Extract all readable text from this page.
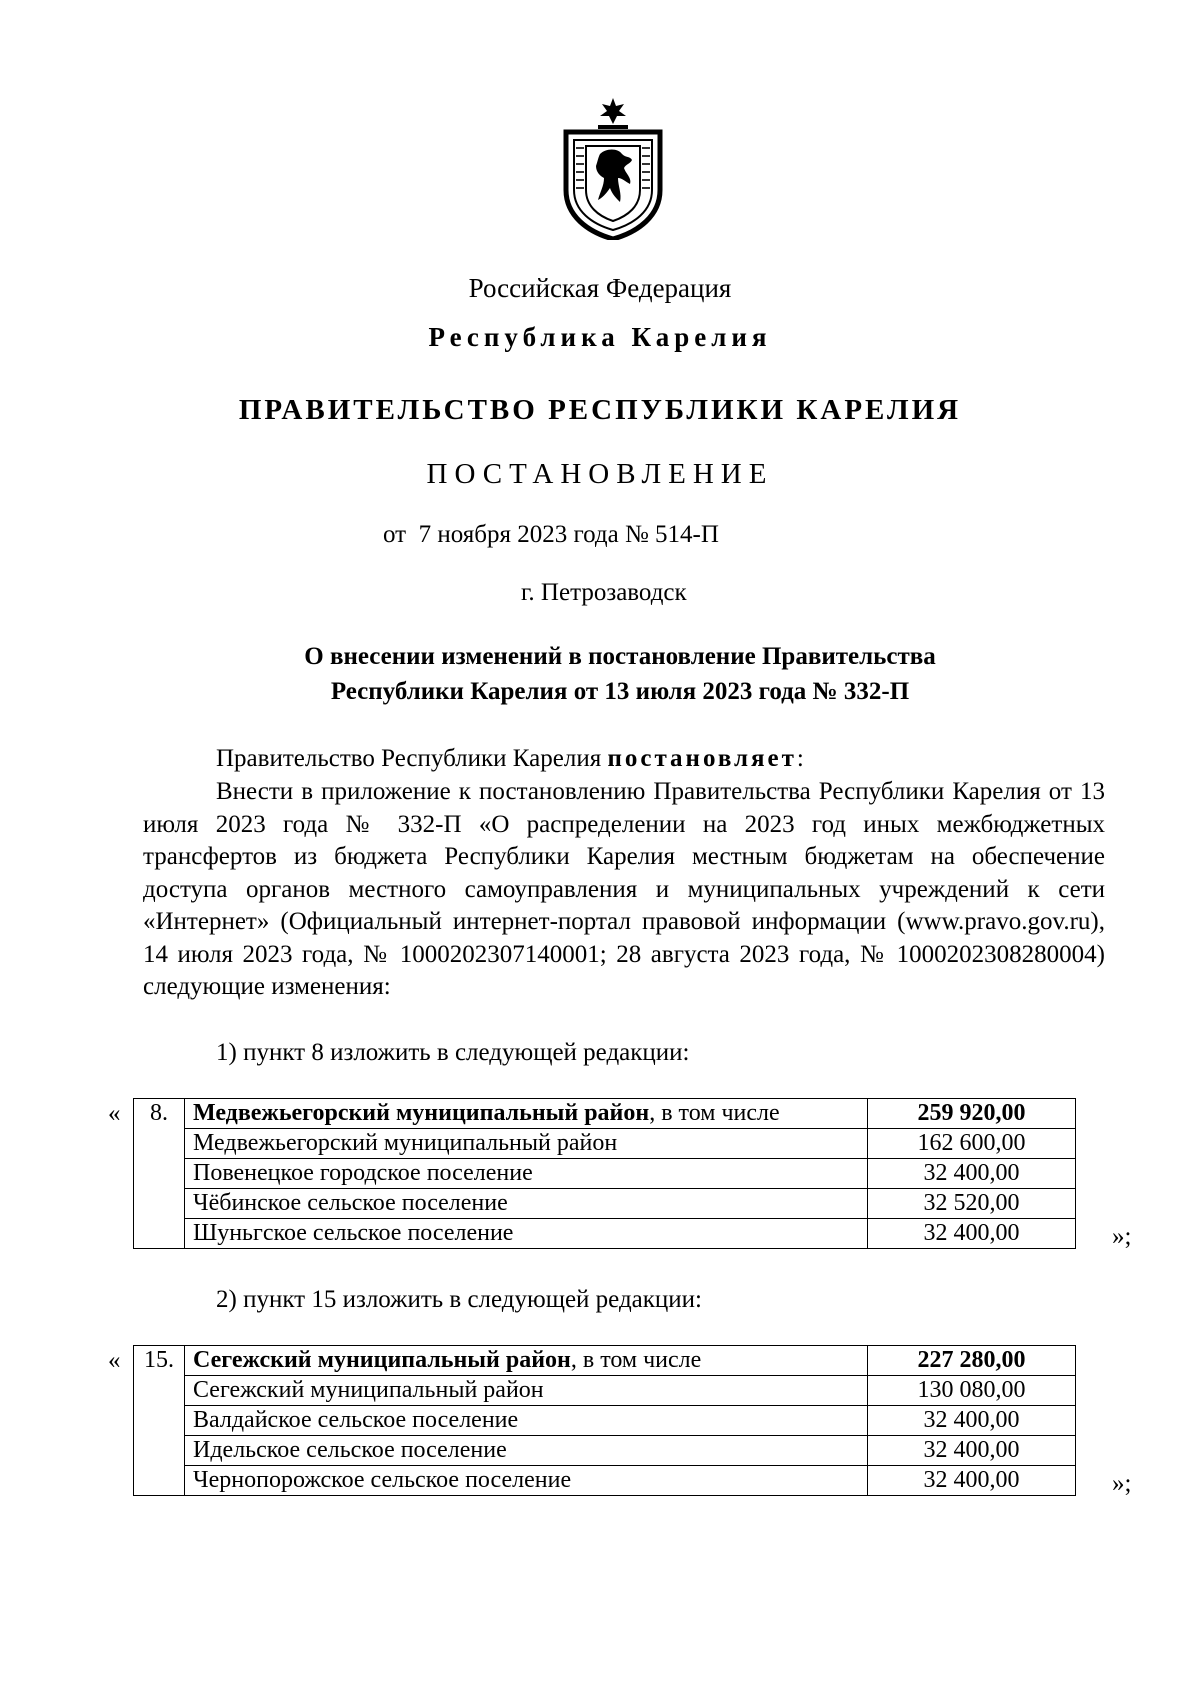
Российская Федерация
Республика Карелия
ПРАВИТЕЛЬСТВО РЕСПУБЛИКИ КАРЕЛИЯ
ПОСТАНОВЛЕНИЕ
от  7 ноября 2023 года № 514-П
г. Петрозаводск
О внесении изменений в постановление Правительства
Республики Карелия от 13 июля 2023 года № 332-П
Правительство Республики Карелия постановляет:
Внести в приложение к постановлению Правительства Республики Карелия от 13 июля 2023 года № 332-П «О распределении на 2023 год иных межбюджетных трансфертов из бюджета Республики Карелия местным бюджетам на обеспечение доступа органов местного самоуправления и муниципальных учреждений к сети «Интернет» (Официальный интернет-портал правовой информации (www.pravo.gov.ru), 14 июля 2023 года, № 1000202307140001; 28 августа 2023 года, № 1000202308280004) следующие изменения:
1) пункт 8 изложить в следующей редакции:
« 8.	Медвежьегорский муниципальный район, в том числе	259 920,00
	Медвежьегорский муниципальный район	162 600,00
	Повенецкое городское поселение	32 400,00
	Чёбинское сельское поселение	32 520,00
	Шуньгское сельское поселение	32 400,00	»;
2) пункт 15 изложить в следующей редакции:
« 15.	Сегежский муниципальный район, в том числе	227 280,00
	Сегежский муниципальный район	130 080,00
	Валдайское сельское поселение	32 400,00
	Идельское сельское поселение	32 400,00
	Чернопорожское сельское поселение	32 400,00	»;
